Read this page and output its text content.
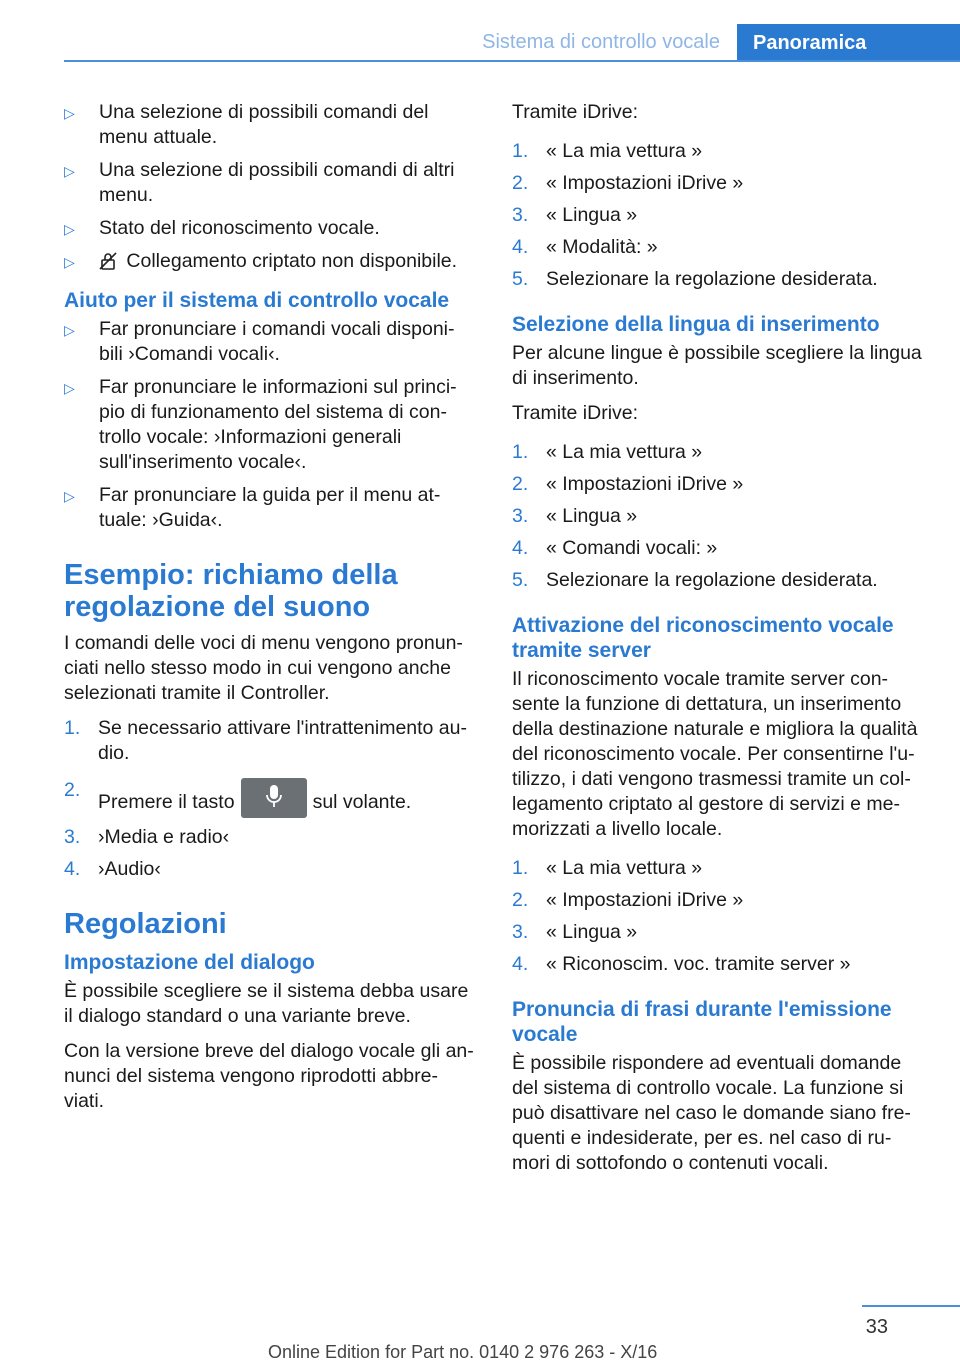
Sistema di controllo vocale	Panoramica
▷ Una selezione di possibili comandi del menu attuale.
▷ Una selezione di possibili comandi di altri menu.
▷ Stato del riconoscimento vocale.
▷	Collegamento criptato non disponibile.
Aiuto per il sistema di controllo vocale
▷ Far pronunciare i comandi vocali disponi-bili ›Comandi vocali‹.
▷ Far pronunciare le informazioni sul princi-pio di funzionamento del sistema di con-trollo vocale: ›Informazioni generali sull'inserimento vocale‹.
▷ Far pronunciare la guida per il menu at-tuale: ›Guida‹.
Esempio: richiamo della regolazione del suono

I comandi delle voci di menu vengono pronun-ciati nello stesso modo in cui vengono anche selezionati tramite il Controller.

1. Se necessario attivare l'intrattenimento au-dio.
2.
Premere il tasto	sul volante.
3. ›Media e radio‹
4. ›Audio‹
Regolazioni
Impostazione del dialogo

È possibile scegliere se il sistema debba usare il dialogo standard o una variante breve.

Con la versione breve del dialogo vocale gli an-nunci del sistema vengono riprodotti abbre-viati.

Tramite iDrive:

1. « La mia vettura »
2. « Impostazioni iDrive »
3. « Lingua »
4. « Modalità: »
5. Selezionare la regolazione desiderata.
Selezione della lingua di inserimento

Per alcune lingue è possibile scegliere la lingua di inserimento.

Tramite iDrive:

1. « La mia vettura »
2. « Impostazioni iDrive »
3. « Lingua »
4. « Comandi vocali: »
5. Selezionare la regolazione desiderata.
Attivazione del riconoscimento vocale tramite server

Il riconoscimento vocale tramite server con-sente la funzione di dettatura, un inserimento della destinazione naturale e migliora la qualità del riconoscimento vocale. Per consentirne l'u-tilizzo, i dati vengono trasmessi tramite un col-legamento criptato al gestore di servizi e me-morizzati a livello locale.

1. « La mia vettura »
2. « Impostazioni iDrive »
3. « Lingua »
4. « Riconoscim. voc. tramite server »
Pronuncia di frasi durante l'emissione vocale

È possibile rispondere ad eventuali domande del sistema di controllo vocale. La funzione si può disattivare nel caso le domande siano fre-quenti e indesiderate, per es. nel caso di ru-mori di sottofondo o contenuti vocali.

33
Online Edition for Part no. 0140 2 976 263 - X/16
